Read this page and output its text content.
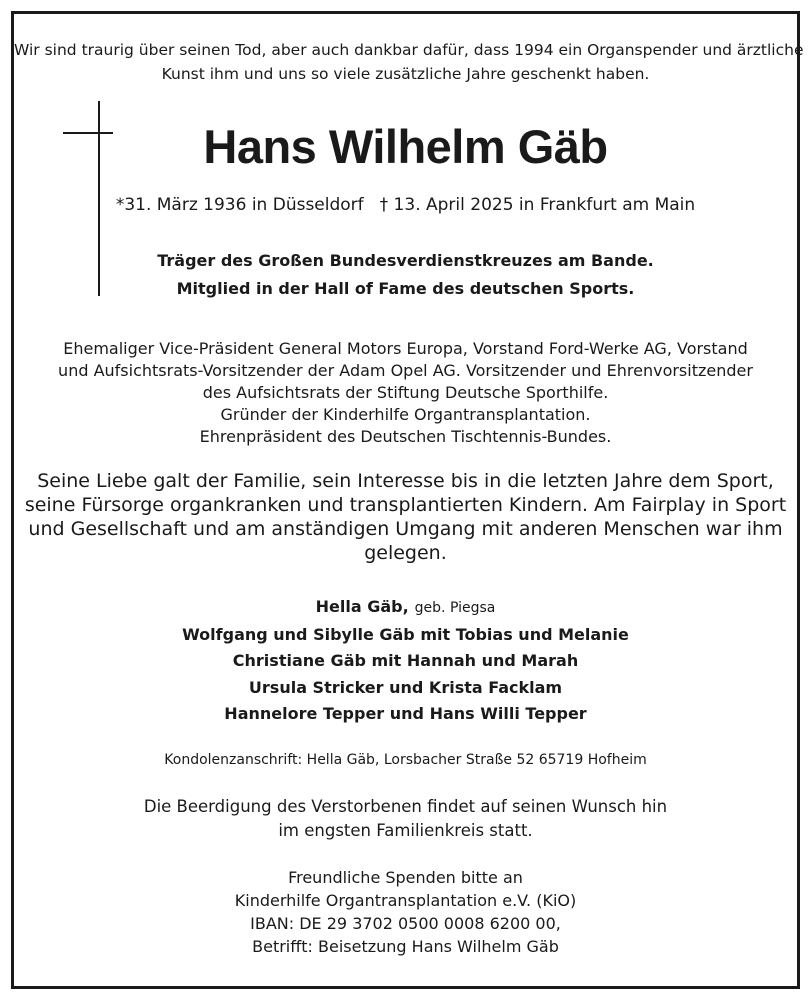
Wir sind traurig über seinen Tod, aber auch dankbar dafür, dass 1994 ein Organspender und ärztliche
Kunst ihm und uns so viele zusätzliche Jahre geschenkt haben.
Hans Wilhelm Gäb
*31. März 1936 in Düsseldorf † 13. April 2025 in Frankfurt am Main
Träger des Großen Bundesverdienstkreuzes am Bande.
Mitglied in der Hall of Fame des deutschen Sports.
Ehemaliger Vice-Präsident General Motors Europa, Vorstand Ford-Werke AG, Vorstand
und Aufsichtsrats-Vorsitzender der Adam Opel AG. Vorsitzender und Ehrenvorsitzender
des Aufsichtsrats der Stiftung Deutsche Sporthilfe.
Gründer der Kinderhilfe Organtransplantation.
Ehrenpräsident des Deutschen Tischtennis-Bundes.
Seine Liebe galt der Familie, sein Interesse bis in die letzten Jahre dem Sport,
seine Fürsorge organkranken und transplantierten Kindern. Am Fairplay in Sport
und Gesellschaft und am anständigen Umgang mit anderen Menschen war ihm
gelegen.
Hella Gäb, geb. Piegsa
Wolfgang und Sibylle Gäb mit Tobias und Melanie
Christiane Gäb mit Hannah und Marah
Ursula Stricker und Krista Facklam
Hannelore Tepper und Hans Willi Tepper
Kondolenzanschrift: Hella Gäb, Lorsbacher Straße 52 65719 Hofheim
Die Beerdigung des Verstorbenen findet auf seinen Wunsch hin
im engsten Familienkreis statt.
Freundliche Spenden bitte an
Kinderhilfe Organtransplantation e.V. (KiO)
IBAN: DE 29 3702 0500 0008 6200 00,
Betrifft: Beisetzung Hans Wilhelm Gäb
